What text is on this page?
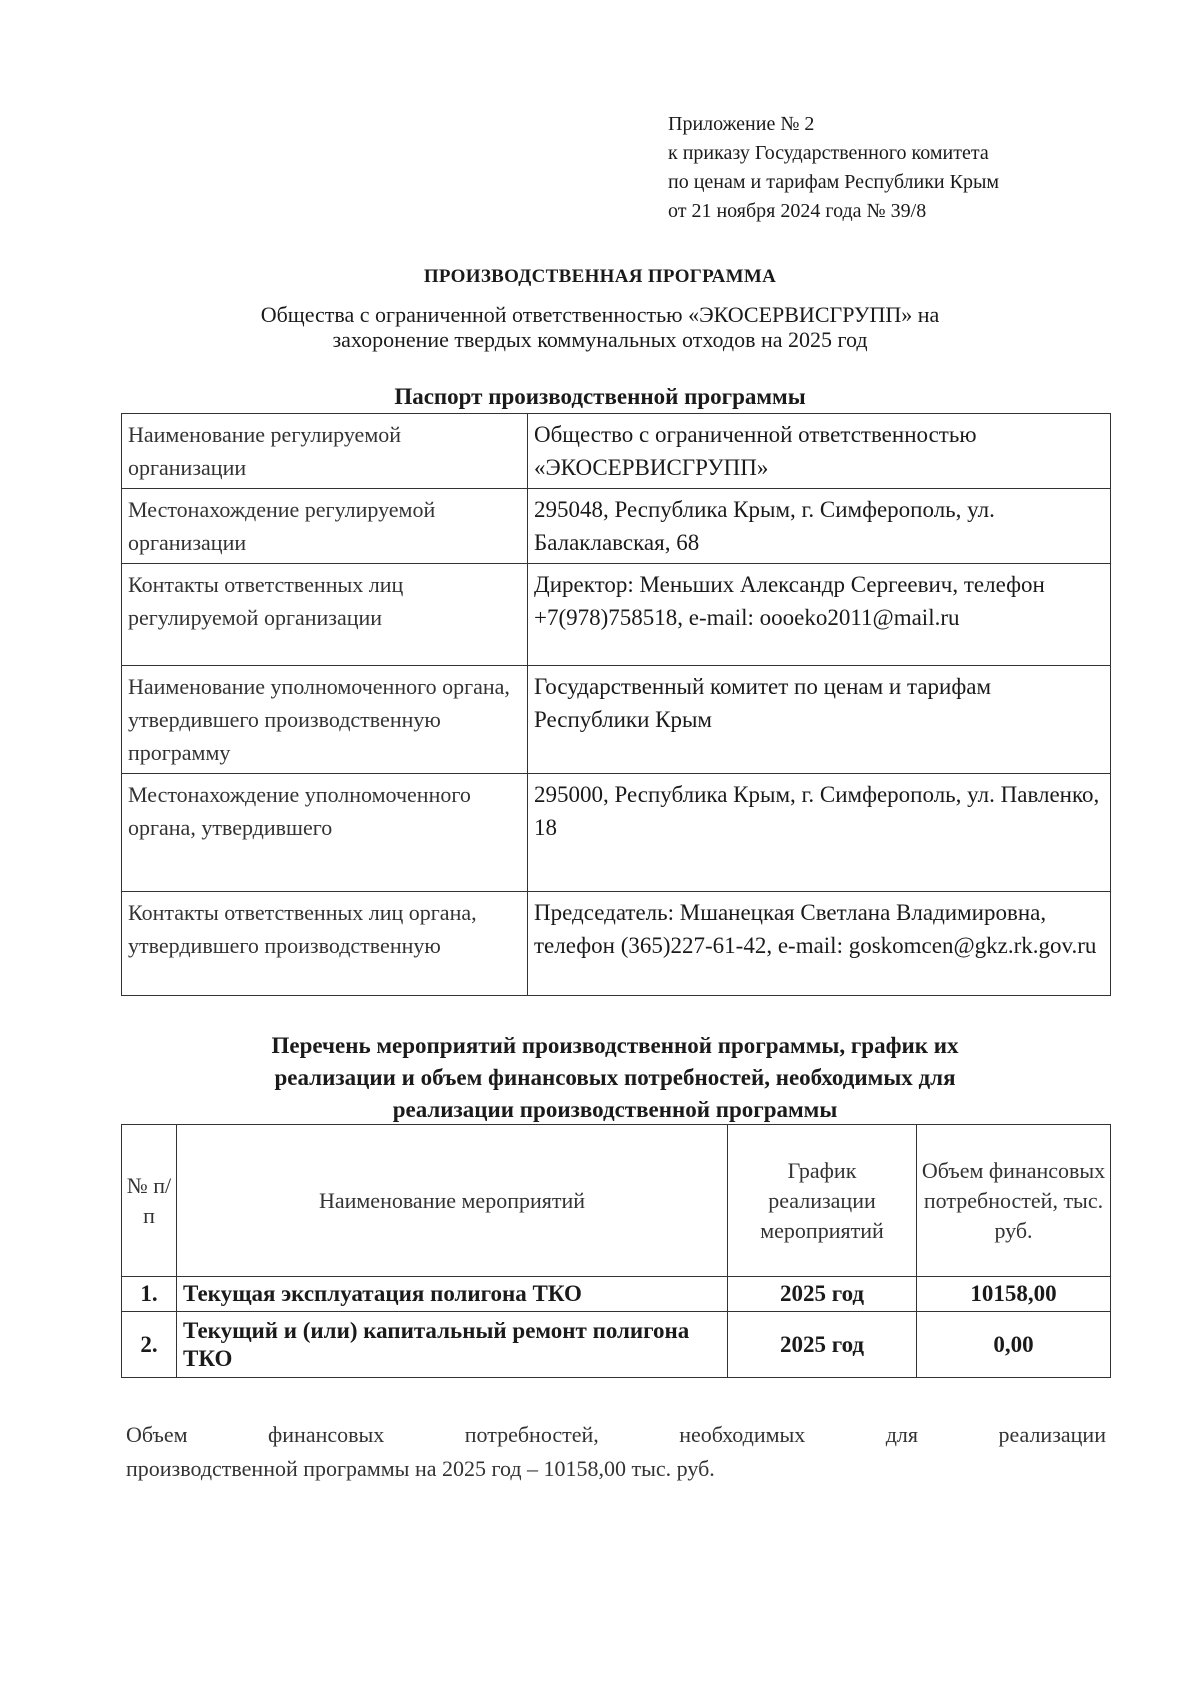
Приложение № 2
к приказу Государственного комитета
по ценам и тарифам Республики Крым
от 21 ноября 2024 года № 39/8
ПРОИЗВОДСТВЕННАЯ ПРОГРАММА
Общества с ограниченной ответственностью «ЭКОСЕРВИСГРУПП» на
захоронение твердых коммунальных отходов на 2025 год
Паспорт производственной программы
Наименование регулируемой организации	Общество с ограниченной ответственностью «ЭКОСЕРВИСГРУПП»
Местонахождение регулируемой организации	295048, Республика Крым, г. Симферополь, ул. Балаклавская, 68
Контакты ответственных лиц регулируемой организации	Директор: Меньших Александр Сергеевич, телефон +7(978)758518, e-mail: oooeko2011@mail.ru
Наименование уполномоченного органа, утвердившего производственную программу	Государственный комитет по ценам и тарифам Республики Крым
Местонахождение уполномоченного органа, утвердившего	295000, Республика Крым, г. Симферополь, ул. Павленко, 18
Контакты ответственных лиц органа, утвердившего производственную	Председатель: Мшанецкая Светлана Владимировна, телефон (365)227-61-42, e-mail: goskomcen@gkz.rk.gov.ru
Перечень мероприятий производственной программы, график их
реализации и объем финансовых потребностей, необходимых для
реализации производственной программы
№ п/п	Наименование мероприятий	График реализации мероприятий	Объем финансовых потребностей, тыс. руб.
1.	Текущая эксплуатация полигона ТКО	2025 год	10158,00
2.	Текущий и (или) капитальный ремонт полигона ТКО	2025 год	0,00
Объем	финансовых	потребностей,	необходимых	для	реализации
производственной программы на 2025 год – 10158,00 тыс. руб.
